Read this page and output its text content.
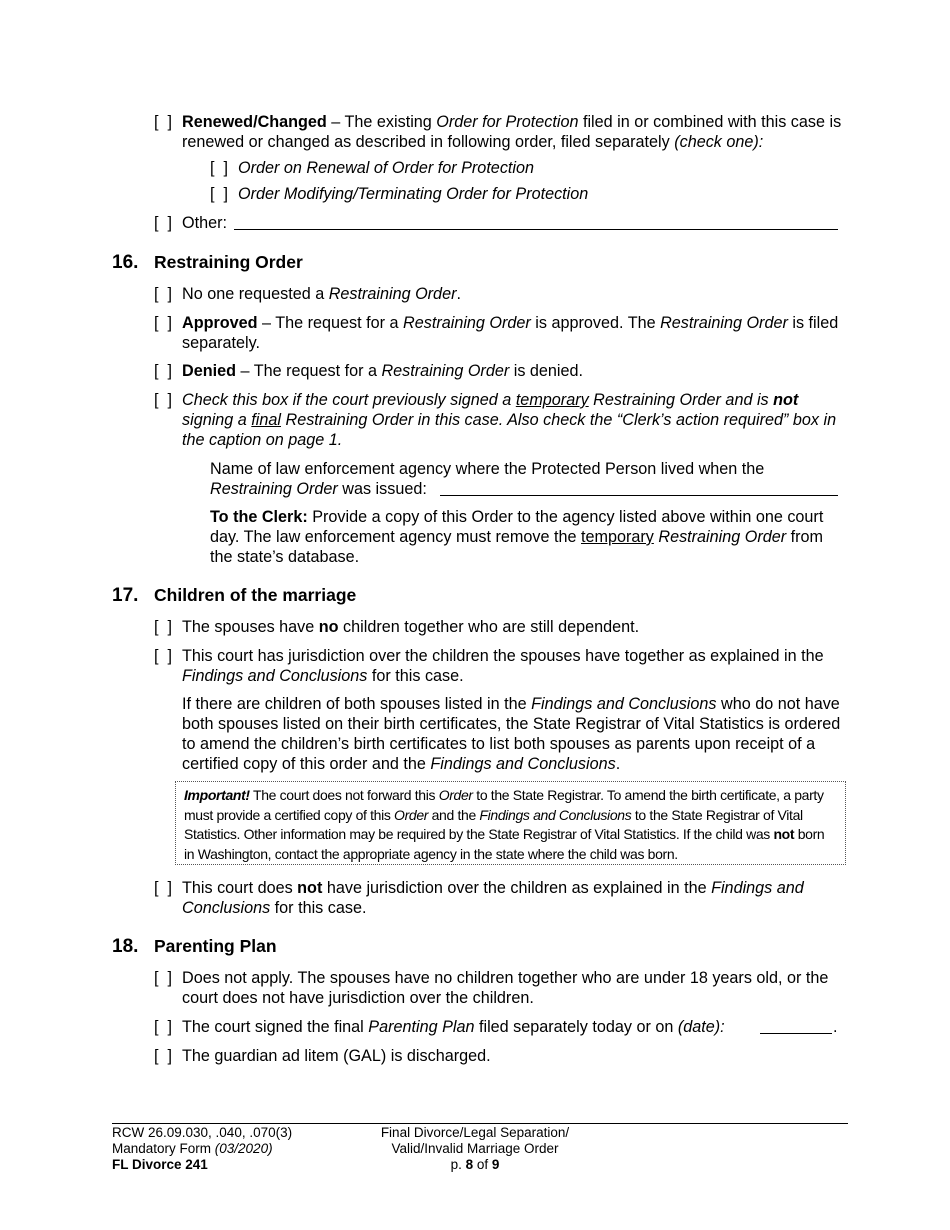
[  ] Renewed/Changed – The existing Order for Protection filed in or combined with this case is renewed or changed as described in following order, filed separately (check one):
[  ] Order on Renewal of Order for Protection
[  ] Order Modifying/Terminating Order for Protection
[  ] Other:
16. Restraining Order
[  ] No one requested a Restraining Order.
[  ] Approved – The request for a Restraining Order is approved. The Restraining Order is filed separately.
[  ] Denied – The request for a Restraining Order is denied.
[  ] Check this box if the court previously signed a temporary Restraining Order and is not signing a final Restraining Order in this case. Also check the “Clerk’s action required” box in the caption on page 1.
Name of law enforcement agency where the Protected Person lived when the Restraining Order was issued:
To the Clerk: Provide a copy of this Order to the agency listed above within one court day. The law enforcement agency must remove the temporary Restraining Order from the state’s database.
17. Children of the marriage
[  ] The spouses have no children together who are still dependent.
[  ] This court has jurisdiction over the children the spouses have together as explained in the Findings and Conclusions for this case.
If there are children of both spouses listed in the Findings and Conclusions who do not have both spouses listed on their birth certificates, the State Registrar of Vital Statistics is ordered to amend the children’s birth certificates to list both spouses as parents upon receipt of a certified copy of this order and the Findings and Conclusions.
Important! The court does not forward this Order to the State Registrar. To amend the birth certificate, a party must provide a certified copy of this Order and the Findings and Conclusions to the State Registrar of Vital Statistics. Other information may be required by the State Registrar of Vital Statistics. If the child was not born in Washington, contact the appropriate agency in the state where the child was born.
[  ] This court does not have jurisdiction over the children as explained in the Findings and Conclusions for this case.
18. Parenting Plan
[  ] Does not apply. The spouses have no children together who are under 18 years old, or the court does not have jurisdiction over the children.
[  ] The court signed the final Parenting Plan filed separately today or on (date):	.
[  ] The guardian ad litem (GAL) is discharged.
RCW 26.09.030, .040, .070(3)
Mandatory Form (03/2020)
FL Divorce 241
Final Divorce/Legal Separation/
Valid/Invalid Marriage Order
p. 8 of 9
